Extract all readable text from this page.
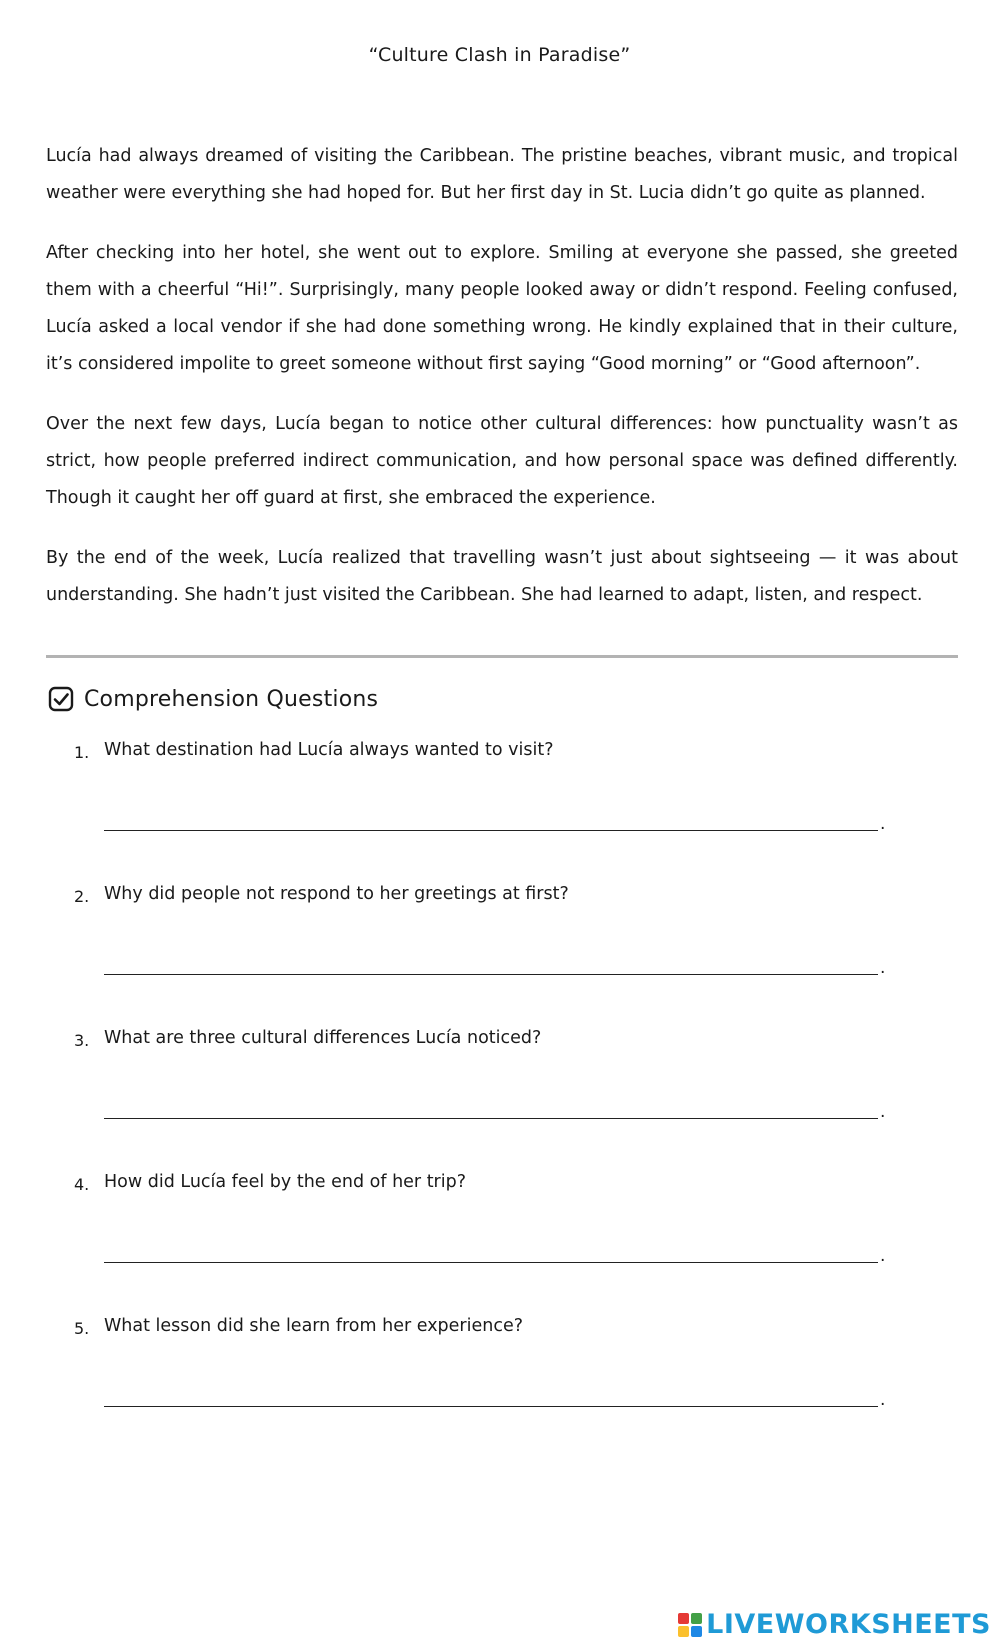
“Culture Clash in Paradise”

Lucía had always dreamed of visiting the Caribbean. The pristine beaches, vibrant music, and tropical weather were everything she had hoped for. But her first day in St. Lucia didn’t go quite as planned.

After checking into her hotel, she went out to explore. Smiling at everyone she passed, she greeted them with a cheerful “Hi!”. Surprisingly, many people looked away or didn’t respond. Feeling confused, Lucía asked a local vendor if she had done something wrong. He kindly explained that in their culture, it’s considered impolite to greet someone without first saying “Good morning” or “Good afternoon”.

Over the next few days, Lucía began to notice other cultural differences: how punctuality wasn’t as strict, how people preferred indirect communication, and how personal space was defined differently. Though it caught her off guard at first, she embraced the experience.

By the end of the week, Lucía realized that travelling wasn’t just about sightseeing — it was about understanding. She hadn’t just visited the Caribbean. She had learned to adapt, listen, and respect.

Comprehension Questions
1. What destination had Lucía always wanted to visit?
.
2. Why did people not respond to her greetings at first?
.
3. What are three cultural differences Lucía noticed?
.
4. How did Lucía feel by the end of her trip?
.
5. What lesson did she learn from her experience?
.
LIVEWORKSHEETS
